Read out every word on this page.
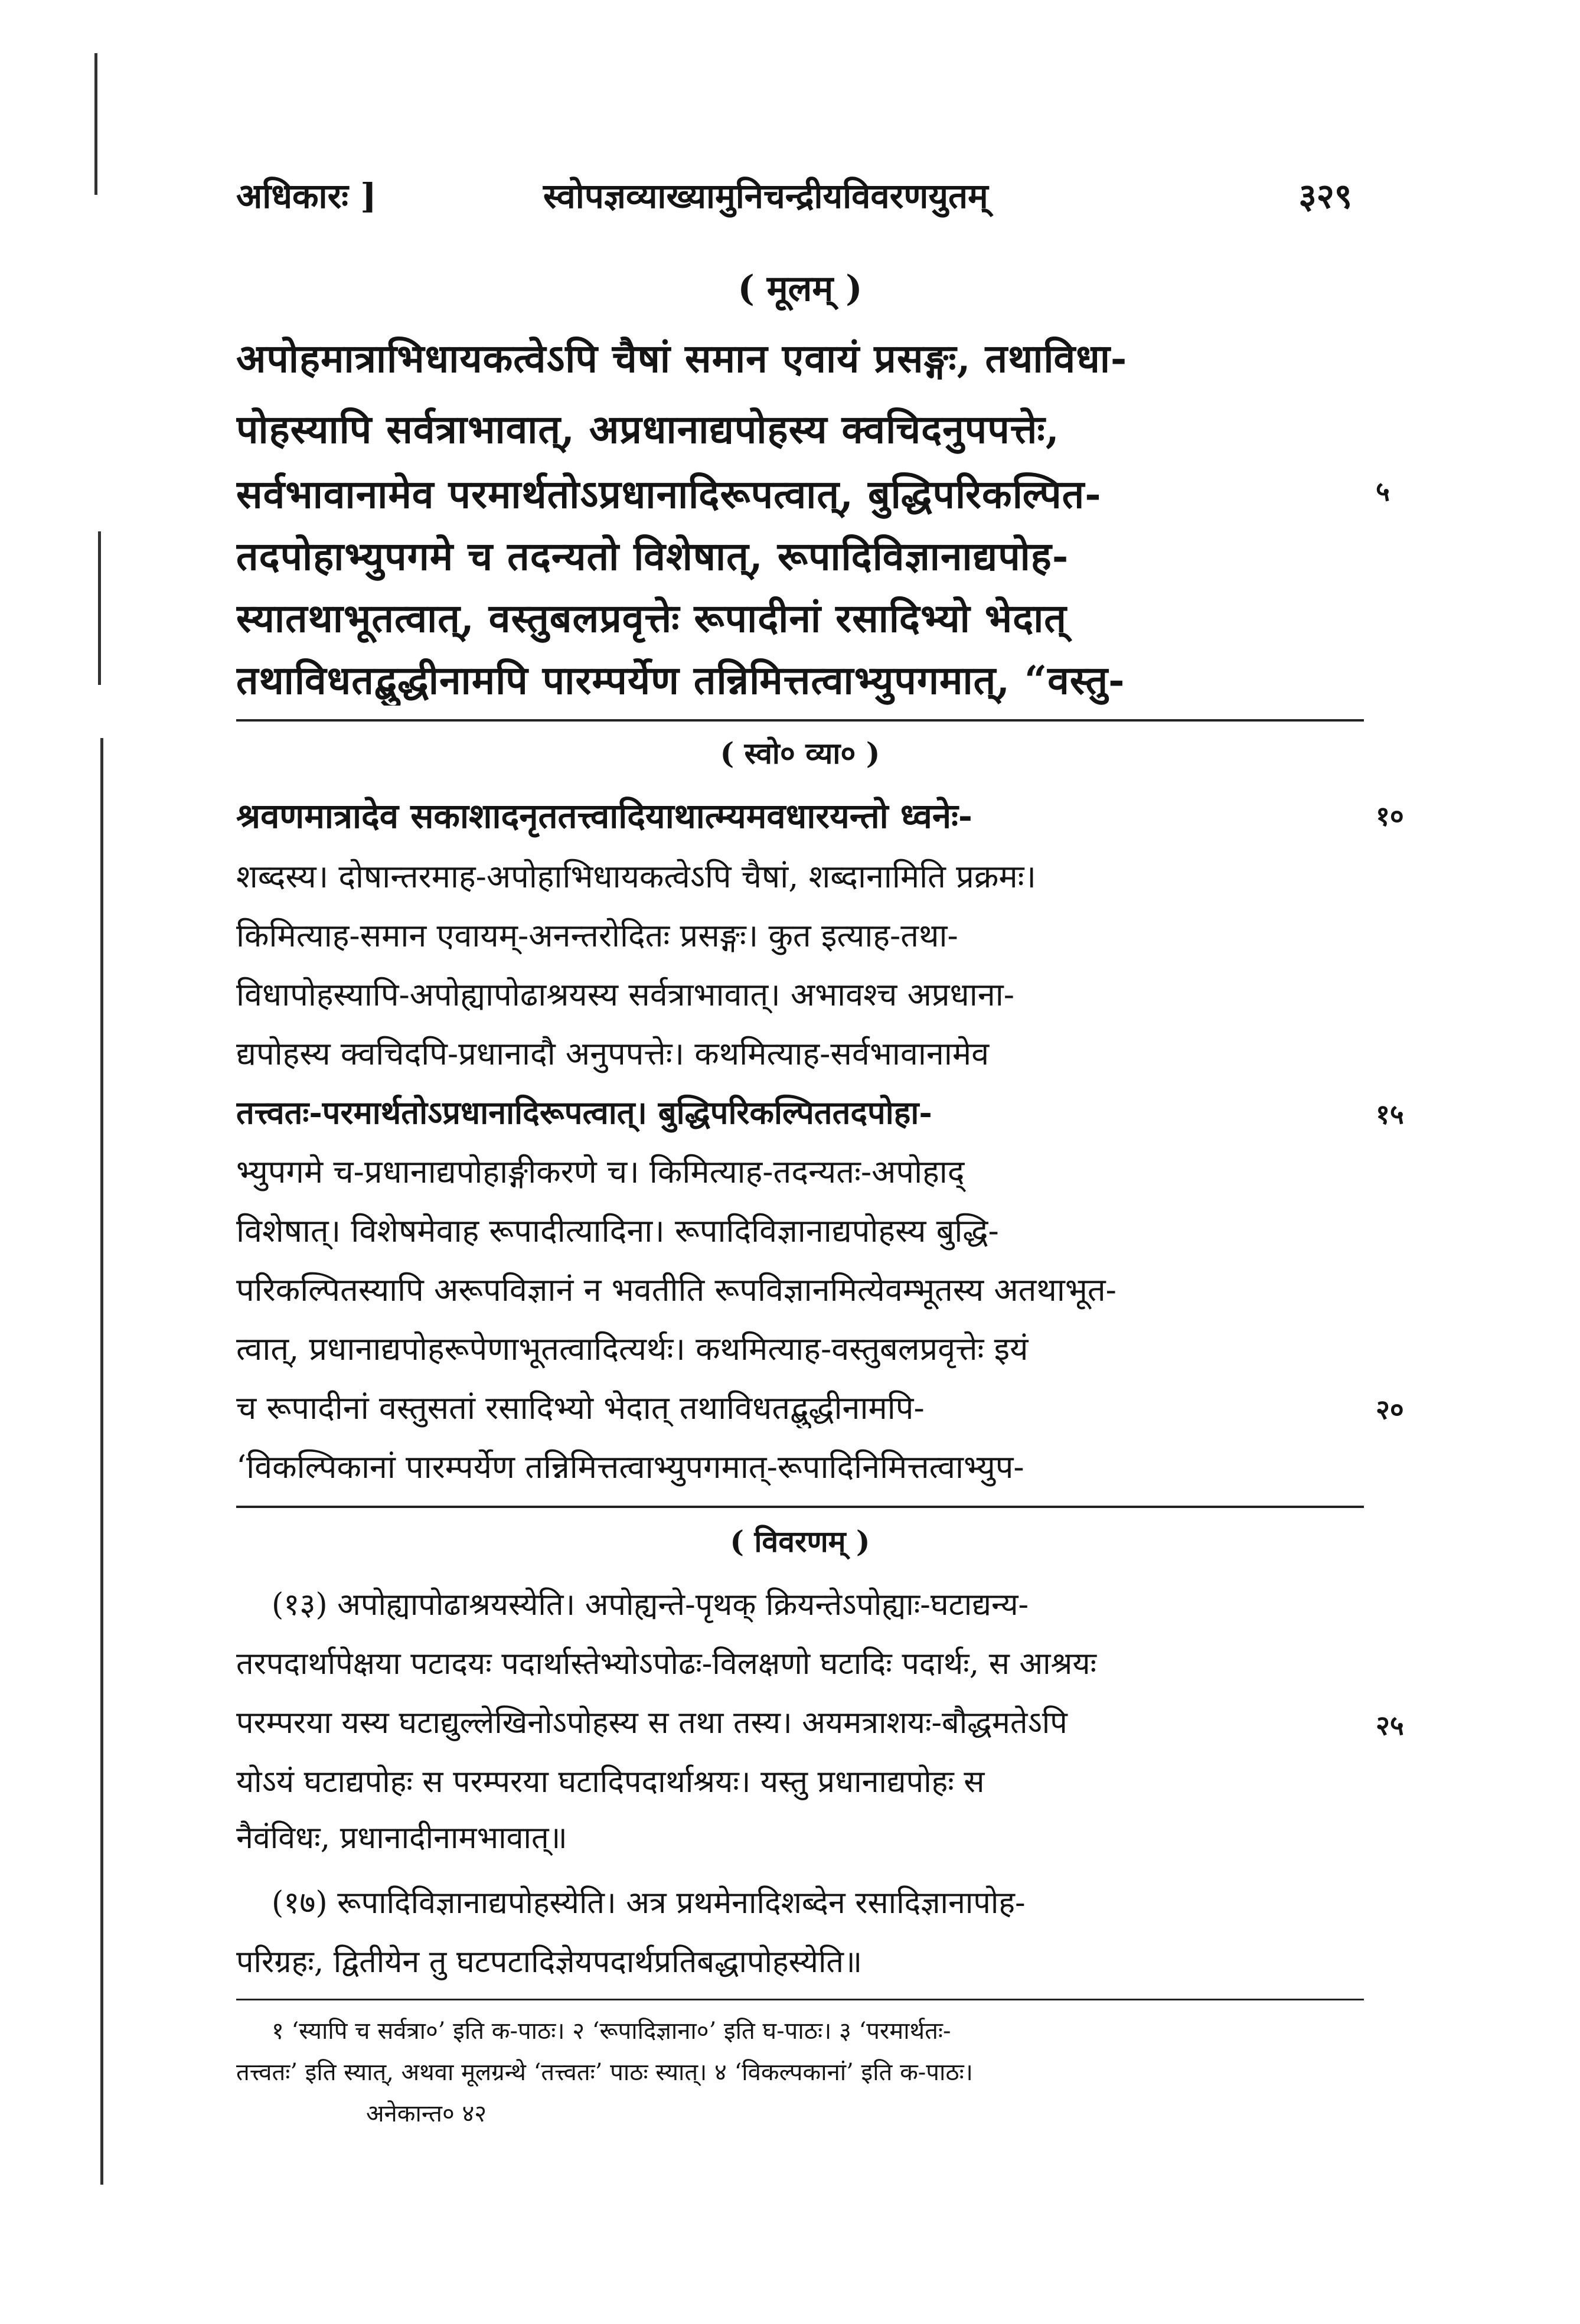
अधिकारः ]	स्वोपज्ञव्याख्यामुनिचन्द्रीयविवरणयुतम्	३२९
( मूलम् )
अपोहमात्राभिधायकत्वेऽपि चैषां समान एवायं प्रसङ्गः, तथाविधा-
पोहस्यापि सर्वत्राभावात्, अप्रधानाद्यपोहस्य क्वचिदनुपपत्तेः,
सर्वभावानामेव परमार्थतोऽप्रधानादिरूपत्वात्, बुद्धिपरिकल्पित-	५
तदपोहाभ्युपगमे च तदन्यतो विशेषात्, रूपादिविज्ञानाद्यपोह-
स्यातथाभूतत्वात्, वस्तुबलप्रवृत्तेः रूपादीनां रसादिभ्यो भेदात्
तथाविधतद्बुद्धीनामपि पारम्पर्येण तन्निमित्तत्वाभ्युपगमात्, “वस्तु-
( स्वो० व्या० )
श्रवणमात्रादेव सकाशादनृततत्त्वादियाथात्म्यमवधारयन्तो ध्वनेः-	१०
शब्दस्य। दोषान्तरमाह-अपोहाभिधायकत्वेऽपि चैषां, शब्दानामिति प्रक्रमः।
किमित्याह-समान एवायम्-अनन्तरोदितः प्रसङ्गः। कुत इत्याह-तथा-
विधापोहस्यापि-अपोह्यापोढाश्रयस्य सर्वत्राभावात्। अभावश्च अप्रधाना-
द्यपोहस्य क्वचिदपि-प्रधानादौ अनुपपत्तेः। कथमित्याह-सर्वभावानामेव
तत्त्वतः-परमार्थतोऽप्रधानादिरूपत्वात्। बुद्धिपरिकल्पिततदपोहा-	१५
भ्युपगमे च-प्रधानाद्यपोहाङ्गीकरणे च। किमित्याह-तदन्यतः-अपोहाद्
विशेषात्। विशेषमेवाह रूपादीत्यादिना। रूपादिविज्ञानाद्यपोहस्य बुद्धि-
परिकल्पितस्यापि अरूपविज्ञानं न भवतीति रूपविज्ञानमित्येवम्भूतस्य अतथाभूत-
त्वात्, प्रधानाद्यपोहरूपेणाभूतत्वादित्यर्थः। कथमित्याह-वस्तुबलप्रवृत्तेः इयं
च रूपादीनां वस्तुसतां रसादिभ्यो भेदात् तथाविधतद्बुद्धीनामपि-	२०
‘विकल्पिकानां पारम्पर्येण तन्निमित्तत्वाभ्युपगमात्-रूपादिनिमित्तत्वाभ्युप-
( विवरणम् )
(१३) अपोह्यापोढाश्रयस्येति। अपोह्यन्ते-पृथक् क्रियन्तेऽपोह्याः-घटाद्यन्य-
तरपदार्थापेक्षया पटादयः पदार्थास्तेभ्योऽपोढः-विलक्षणो घटादिः पदार्थः, स आश्रयः
परम्परया यस्य घटाद्युल्लेखिनोऽपोहस्य स तथा तस्य। अयमत्राशयः-बौद्धमतेऽपि	२५
योऽयं घटाद्यपोहः स परम्परया घटादिपदार्थाश्रयः। यस्तु प्रधानाद्यपोहः स
नैवंविधः, प्रधानादीनामभावात्॥
(१७) रूपादिविज्ञानाद्यपोहस्येति। अत्र प्रथमेनादिशब्देन रसादिज्ञानापोह-
परिग्रहः, द्वितीयेन तु घटपटादिज्ञेयपदार्थप्रतिबद्धापोहस्येति॥
१ ‘स्यापि च सर्वत्रा०’ इति क-पाठः। २ ‘रूपादिज्ञाना०’ इति घ-पाठः। ३ ‘परमार्थतः-
तत्त्वतः’ इति स्यात्, अथवा मूलग्रन्थे ‘तत्त्वतः’ पाठः स्यात्। ४ ‘विकल्पकानां’ इति क-पाठः।
अनेकान्त० ४२
